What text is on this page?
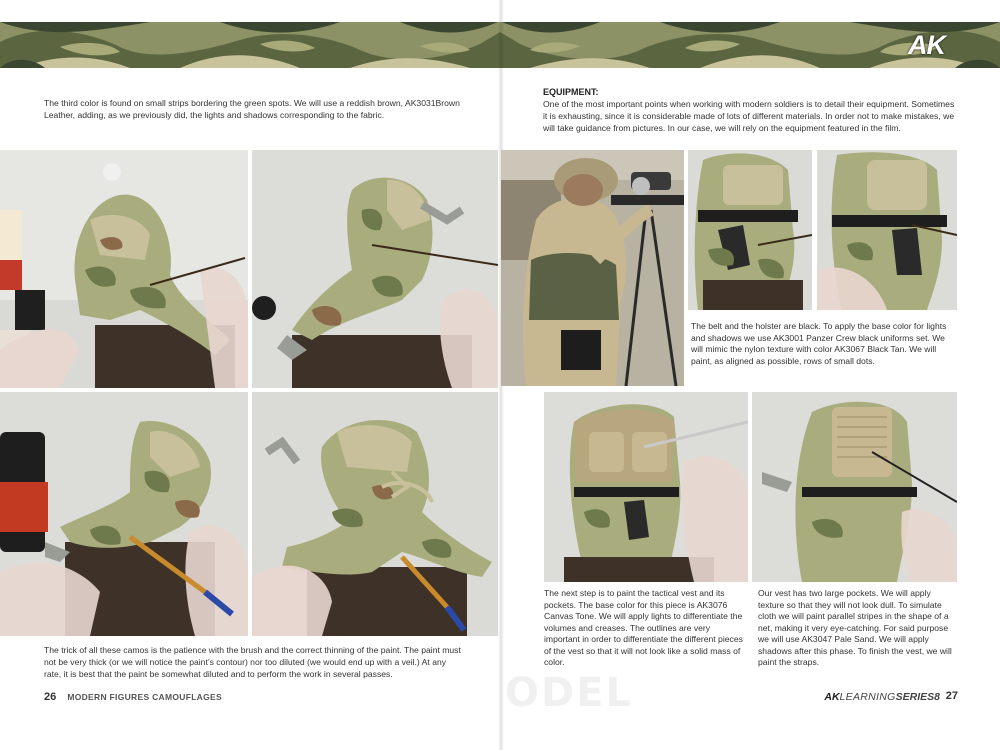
AK
The third color is found on small strips bordering the green spots. We will use a reddish brown, AK3031Brown Leather, adding, as we previously did, the lights and shadows corresponding to the fabric.
The trick of all these camos is the patience with the brush and the correct thinning of the paint. The paint must not be very thick (or we will notice the paint’s contour) nor too diluted (we would end up with a veil.) At any rate, it is best that the paint be somewhat diluted and to perform the work in several passes.
26 MODERN FIGURES CAMOUFLAGES
EQUIPMENT:
One of the most important points when working with modern soldiers is to detail their equipment. Sometimes it is exhausting, since it is considerable made of lots of different materials. In order not to make mistakes, we will take guidance from pictures. In our case, we will rely on the equipment featured in the film.
The belt and the holster are black. To apply the base color for lights and shadows we use AK3001 Panzer Crew black uniforms set. We will mimic the nylon texture with color AK3067 Black Tan. We will paint, as aligned as possible, rows of small dots.
The next step is to paint the tactical vest and its pockets. The base color for this piece is AK3076 Canvas Tone. We will apply lights to differentiate the volumes and creases. The outlines are very important in order to differentiate the different pieces of the vest so that it will not look like a solid mass of color.
Our vest has two large pockets. We will apply texture so that they will not look dull. To simulate cloth we will paint parallel stripes in the shape of a net, making it very eye-catching. For said purpose we will use AK3047 Pale Sand. We will apply shadows after this phase. To finish the vest, we will paint the straps.
ODEL	AKLEARNINGSERIES8 27
